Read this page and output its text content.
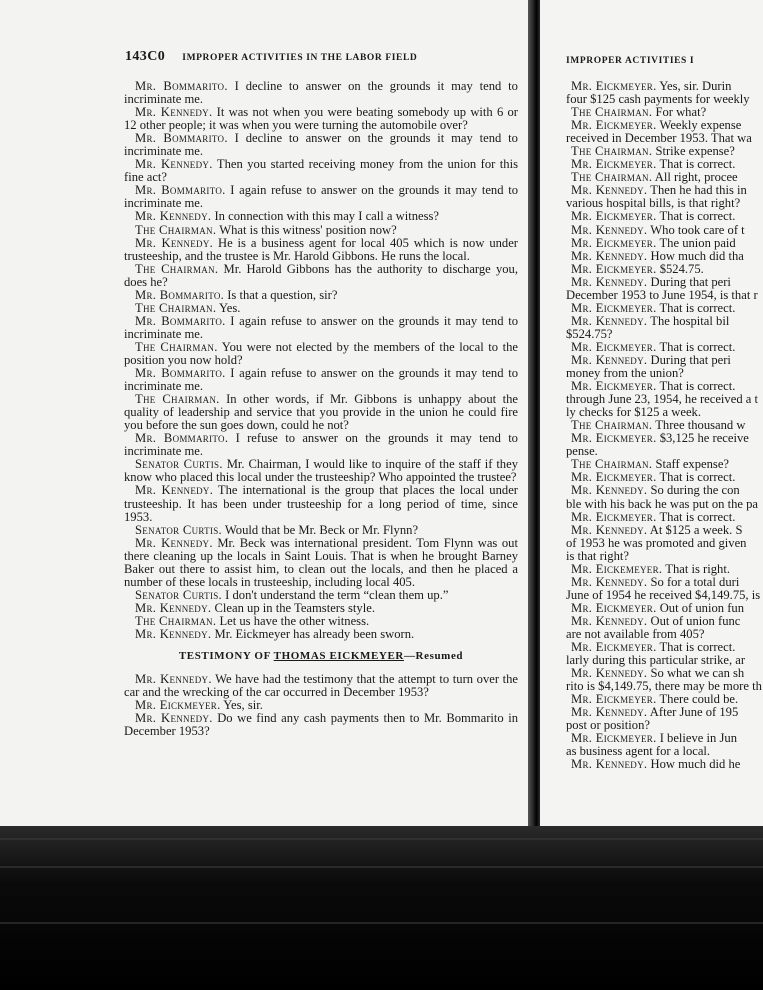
143C0 IMPROPER ACTIVITIES IN THE LABOR FIELD

Mr. Bommarito. I decline to answer on the grounds it may tend to incriminate me.

Mr. Kennedy. It was not when you were beating somebody up with 6 or 12 other people; it was when you were turning the automobile over?

Mr. Bommarito. I decline to answer on the grounds it may tend to incriminate me.

Mr. Kennedy. Then you started receiving money from the union for this fine act?

Mr. Bommarito. I again refuse to answer on the grounds it may tend to incriminate me.

Mr. Kennedy. In connection with this may I call a witness?

The Chairman. What is this witness' position now?

Mr. Kennedy. He is a business agent for local 405 which is now under trusteeship, and the trustee is Mr. Harold Gibbons. He runs the local.

The Chairman. Mr. Harold Gibbons has the authority to discharge you, does he?

Mr. Bommarito. Is that a question, sir?

The Chairman. Yes.

Mr. Bommarito. I again refuse to answer on the grounds it may tend to incriminate me.

The Chairman. You were not elected by the members of the local to the position you now hold?

Mr. Bommarito. I again refuse to answer on the grounds it may tend to incriminate me.

The Chairman. In other words, if Mr. Gibbons is unhappy about the quality of leadership and service that you provide in the union he could fire you before the sun goes down, could he not?

Mr. Bommarito. I refuse to answer on the grounds it may tend to incriminate me.

Senator Curtis. Mr. Chairman, I would like to inquire of the staff if they know who placed this local under the trusteeship? Who appointed the trustee?

Mr. Kennedy. The international is the group that places the local under trusteeship. It has been under trusteeship for a long period of time, since 1953.

Senator Curtis. Would that be Mr. Beck or Mr. Flynn?

Mr. Kennedy. Mr. Beck was international president. Tom Flynn was out there cleaning up the locals in Saint Louis. That is when he brought Barney Baker out there to assist him, to clean out the locals, and then he placed a number of these locals in trusteeship, including local 405.

Senator Curtis. I don't understand the term “clean them up.”

Mr. Kennedy. Clean up in the Teamsters style.

The Chairman. Let us have the other witness.

Mr. Kennedy. Mr. Eickmeyer has already been sworn.

TESTIMONY OF THOMAS EICKMEYER—Resumed

Mr. Kennedy. We have had the testimony that the attempt to turn over the car and the wrecking of the car occurred in December 1953?

Mr. Eickmeyer. Yes, sir.

Mr. Kennedy. Do we find any cash payments then to Mr. Bommarito in December 1953?

IMPROPER ACTIVITIES I
Mr. Eickmeyer. Yes, sir. Durin
four $125 cash payments for weekly
The Chairman. For what?
Mr. Eickmeyer. Weekly expense
received in December 1953. That wa
The Chairman. Strike expense?
Mr. Eickmeyer. That is correct.
The Chairman. All right, procee
Mr. Kennedy. Then he had this in
various hospital bills, is that right?
Mr. Eickmeyer. That is correct.
Mr. Kennedy. Who took care of t
Mr. Eickmeyer. The union paid
Mr. Kennedy. How much did tha
Mr. Eickmeyer. $524.75.
Mr. Kennedy. During that peri
December 1953 to June 1954, is that r
Mr. Eickmeyer. That is correct.
Mr. Kennedy. The hospital bil
$524.75?
Mr. Eickmeyer. That is correct.
Mr. Kennedy. During that peri
money from the union?
Mr. Eickmeyer. That is correct.
through June 23, 1954, he received a t
ly checks for $125 a week.
The Chairman. Three thousand w
Mr. Eickmeyer. $3,125 he receive
pense.
The Chairman. Staff expense?
Mr. Eickmeyer. That is correct.
Mr. Kennedy. So during the con
ble with his back he was put on the pa
Mr. Eickmeyer. That is correct.
Mr. Kennedy. At $125 a week. S
of 1953 he was promoted and given
is that right?
Mr. Eickemeyer. That is right.
Mr. Kennedy. So for a total duri
June of 1954 he received $4,149.75, is
Mr. Eickmeyer. Out of union fun
Mr. Kennedy. Out of union func
are not available from 405?
Mr. Eickmeyer. That is correct.
larly during this particular strike, ar
Mr. Kennedy. So what we can sh
rito is $4,149.75, there may be more th
Mr. Eickmeyer. There could be.
Mr. Kennedy. After June of 195
post or position?
Mr. Eickmeyer. I believe in Jun
as business agent for a local.
Mr. Kennedy. How much did he
